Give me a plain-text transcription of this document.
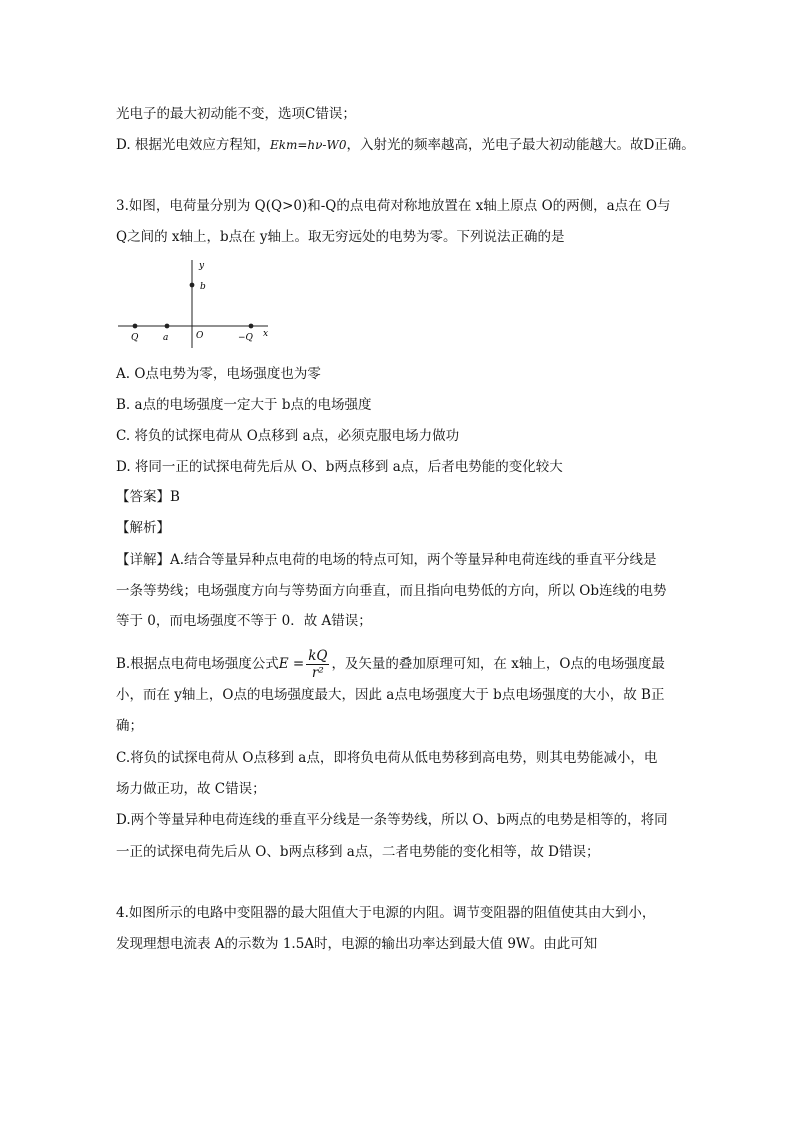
光电子的最大初动能不变，选项C错误；
D. 根据光电效应方程知，Ekm=hν-W0，入射光的频率越高，光电子最大初动能越大。故D正确。
3.如图，电荷量分别为 Q(Q>0)和-Q的点电荷对称地放置在 x轴上原点 O的两侧，a点在 O与
Q之间的 x轴上，b点在 y轴上。取无穷远处的电势为零。下列说法正确的是
y
b
x
Q	a	O	−Q
A. O点电势为零，电场强度也为零
B. a点的电场强度一定大于 b点的电场强度
C. 将负的试探电荷从 O点移到 a点，必须克服电场力做功
D. 将同一正的试探电荷先后从 O、b两点移到 a点，后者电势能的变化较大
【答案】B
【解析】
【详解】A.结合等量异种点电荷的电场的特点可知，两个等量异种电荷连线的垂直平分线是
一条等势线；电场强度方向与等势面方向垂直，而且指向电势低的方向，所以 Ob连线的电势
等于 0，而电场强度不等于 0．故 A错误；
B.根据点电荷电场强度公式$E = \frac{kQ}{\text{r²}}$ ，及矢量的叠加原理可知，在 x轴上，O点的电场强度最
小，而在 y轴上，O点的电场强度最大，因此 a点电场强度大于 b点电场强度的大小，故 B正
确；
C.将负的试探电荷从 O点移到 a点，即将负电荷从低电势移到高电势，则其电势能减小，电
场力做正功，故 C错误；
D.两个等量异种电荷连线的垂直平分线是一条等势线，所以 O、b两点的电势是相等的，将同
一正的试探电荷先后从 O、b两点移到 a点，二者电势能的变化相等，故 D错误；
4.如图所示的电路中变阻器的最大阻值大于电源的内阻。调节变阻器的阻值使其由大到小，
发现理想电流表 A的示数为 1.5A时，电源的输出功率达到最大值 9W。由此可知
